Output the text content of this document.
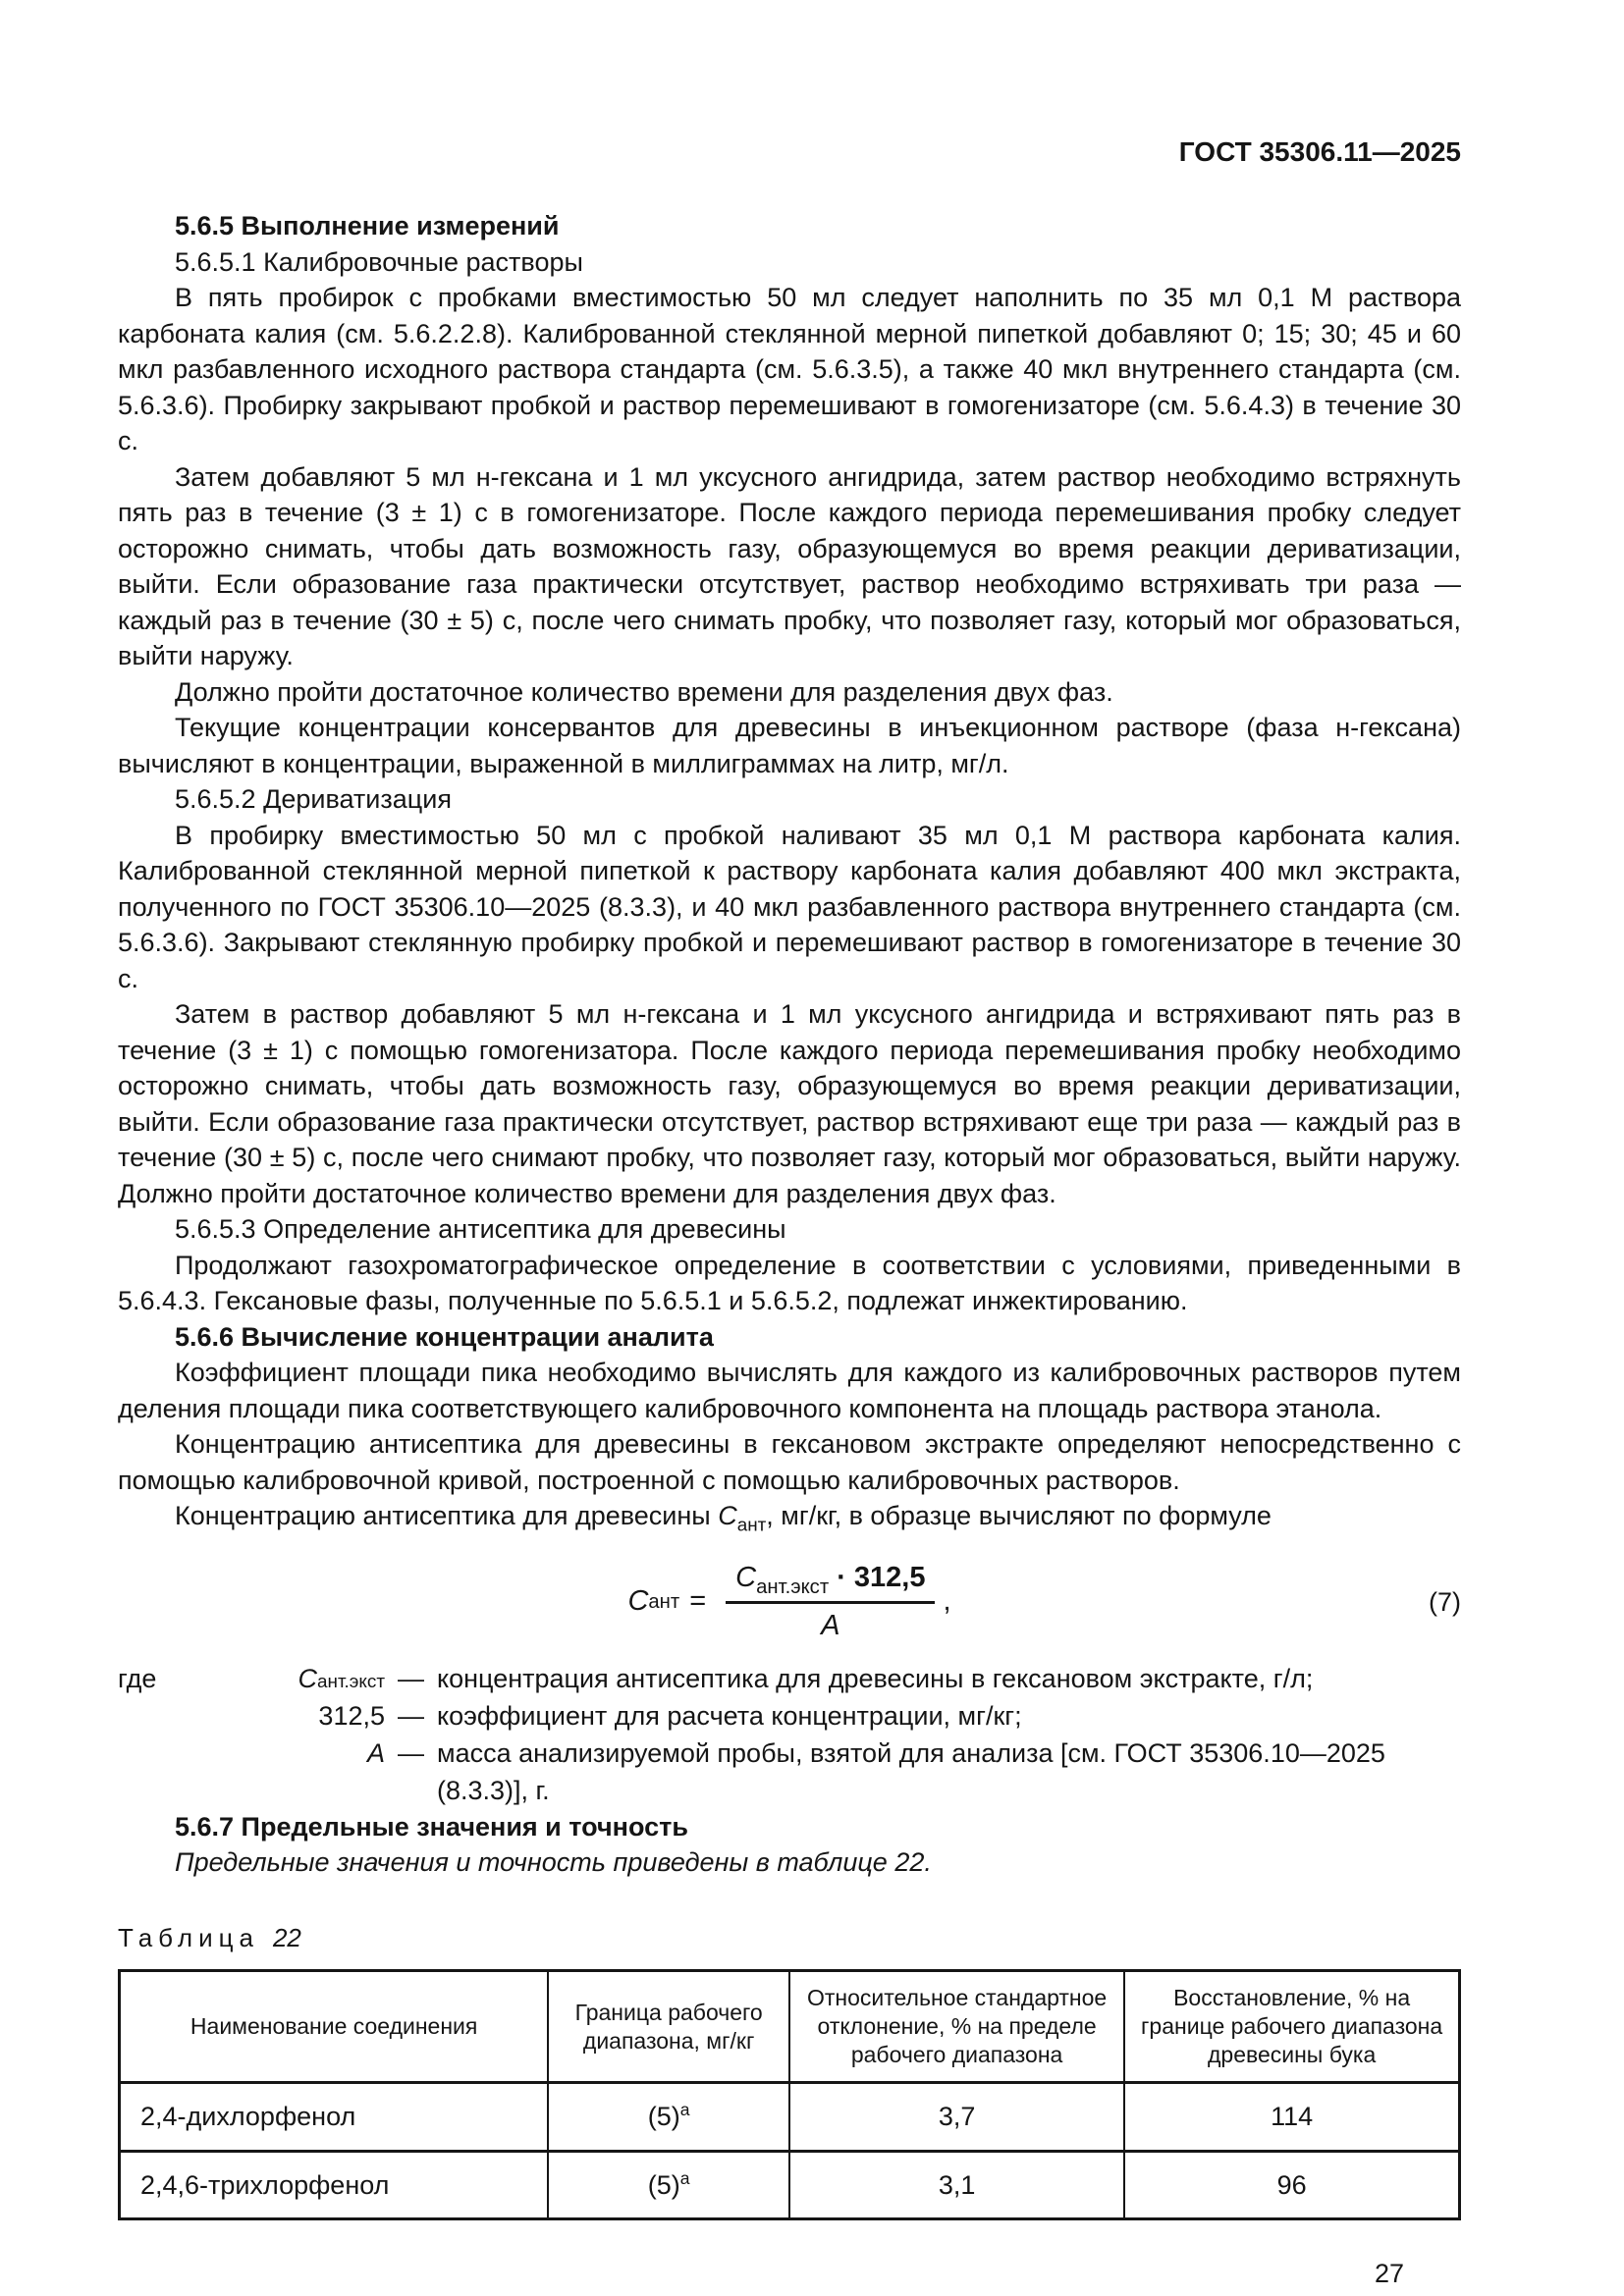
ГОСТ 35306.11—2025

5.6.5 Выполнение измерений

5.6.5.1 Калибровочные растворы

В пять пробирок с пробками вместимостью 50 мл следует наполнить по 35 мл 0,1 М раствора карбоната калия (см. 5.6.2.2.8). Калиброванной стеклянной мерной пипеткой добавляют 0; 15; 30; 45 и 60 мкл разбавленного исходного раствора стандарта (см. 5.6.3.5), а также 40 мкл внутреннего стандарта (см. 5.6.3.6). Пробирку закрывают пробкой и раствор перемешивают в гомогенизаторе (см. 5.6.4.3) в течение 30 с.

Затем добавляют 5 мл н-гексана и 1 мл уксусного ангидрида, затем раствор необходимо встряхнуть пять раз в течение (3 ± 1) с в гомогенизаторе. После каждого периода перемешивания пробку следует осторожно снимать, чтобы дать возможность газу, образующемуся во время реакции дериватизации, выйти. Если образование газа практически отсутствует, раствор необходимо встряхивать три раза — каждый раз в течение (30 ± 5) с, после чего снимать пробку, что позволяет газу, который мог образоваться, выйти наружу.

Должно пройти достаточное количество времени для разделения двух фаз.

Текущие концентрации консервантов для древесины в инъекционном растворе (фаза н-гексана) вычисляют в концентрации, выраженной в миллиграммах на литр, мг/л.

5.6.5.2 Дериватизация

В пробирку вместимостью 50 мл с пробкой наливают 35 мл 0,1 М раствора карбоната калия. Калиброванной стеклянной мерной пипеткой к раствору карбоната калия добавляют 400 мкл экстракта, полученного по ГОСТ 35306.10—2025 (8.3.3), и 40 мкл разбавленного раствора внутреннего стандарта (см. 5.6.3.6). Закрывают стеклянную пробирку пробкой и перемешивают раствор в гомогенизаторе в течение 30 с.

Затем в раствор добавляют 5 мл н-гексана и 1 мл уксусного ангидрида и встряхивают пять раз в течение (3 ± 1) с помощью гомогенизатора. После каждого периода перемешивания пробку необходимо осторожно снимать, чтобы дать возможность газу, образующемуся во время реакции дериватизации, выйти. Если образование газа практически отсутствует, раствор встряхивают еще три раза — каждый раз в течение (30 ± 5) с, после чего снимают пробку, что позволяет газу, который мог образоваться, выйти наружу. Должно пройти достаточное количество времени для разделения двух фаз.

5.6.5.3 Определение антисептика для древесины

Продолжают газохроматографическое определение в соответствии с условиями, приведенными в 5.6.4.3. Гексановые фазы, полученные по 5.6.5.1 и 5.6.5.2, подлежат инжектированию.

5.6.6 Вычисление концентрации аналита

Коэффициент площади пика необходимо вычислять для каждого из калибровочных растворов путем деления площади пика соответствующего калибровочного компонента на площадь раствора этанола.

Концентрацию антисептика для древесины в гексановом экстракте определяют непосредственно с помощью калибровочной кривой, построенной с помощью калибровочных растворов.

Концентрацию антисептика для древесины $С_{ант}$, мг/кг, в образце вычисляют по формуле

С ант = $\frac{С_{ант.экст} \cdot 312,5}{А}$ ,	(7)
где	С ант.экст — концентрация антисептика для древесины в гексановом экстракте, г/л;
312,5 — коэффициент для расчета концентрации, мг/кг;
А — масса анализируемой пробы, взятой для анализа [см. ГОСТ 35306.10—2025 (8.3.3)], г.

5.6.7 Предельные значения и точность

Предельные значения и точность приведены в таблице 22.

Таблица 22
Наименование соединения	Граница рабочего диапазона, мг/кг	Относительное стандартное отклонение, % на пределе рабочего диапазона	Восстановление, % на границе рабочего диапазона древесины бука
2,4-дихлорфенол	$(5)^а$	3,7	114
2,4,6-трихлорфенол	$(5)^а$	3,1	96
27
